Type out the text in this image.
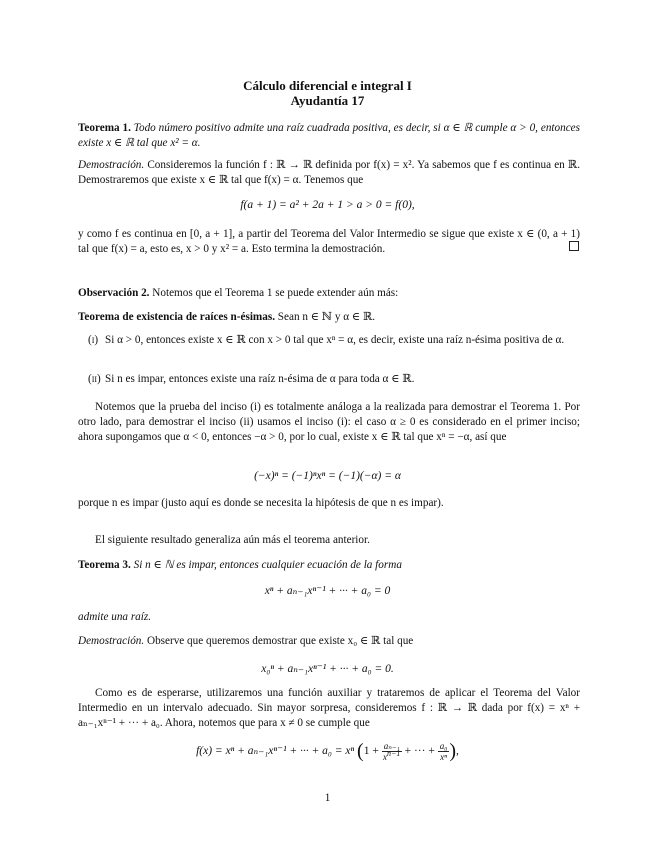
Cálculo diferencial e integral I
Ayudantía 17
Teorema 1. Todo número positivo admite una raíz cuadrada positiva, es decir, si α ∈ ℝ cumple α > 0, entonces existe x ∈ ℝ tal que x² = α.
Demostración. Consideremos la función f : ℝ → ℝ definida por f(x) = x². Ya sabemos que f es continua en ℝ. Demostraremos que existe x ∈ ℝ tal que f(x) = α. Tenemos que
f(a + 1) = a² + 2a + 1 > a > 0 = f(0),
y como f es continua en [0, a + 1], a partir del Teorema del Valor Intermedio se sigue que existe x ∈ (0, a + 1) tal que f(x) = a, esto es, x > 0 y x² = a. Esto termina la demostración.
Observación 2. Notemos que el Teorema 1 se puede extender aún más:
Teorema de existencia de raíces n-ésimas. Sean n ∈ ℕ y α ∈ ℝ.
(i) Si α > 0, entonces existe x ∈ ℝ con x > 0 tal que xⁿ = α, es decir, existe una raíz n-ésima positiva de α.
(ii) Si n es impar, entonces existe una raíz n-ésima de α para toda α ∈ ℝ.
Notemos que la prueba del inciso (i) es totalmente análoga a la realizada para demostrar el Teorema 1. Por otro lado, para demostrar el inciso (ii) usamos el inciso (i): el caso α ≥ 0 es considerado en el primer inciso; ahora supongamos que α < 0, entonces −α > 0, por lo cual, existe x ∈ ℝ tal que xⁿ = −α, así que
(−x)ⁿ = (−1)ⁿxⁿ = (−1)(−α) = α
porque n es impar (justo aquí es donde se necesita la hipótesis de que n es impar).
El siguiente resultado generaliza aún más el teorema anterior.
Teorema 3. Si n ∈ ℕ es impar, entonces cualquier ecuación de la forma
xⁿ + aₙ₋₁xⁿ⁻¹ + ··· + a₀ = 0
admite una raíz.
Demostración. Observe que queremos demostrar que existe x₀ ∈ ℝ tal que
x₀ⁿ + aₙ₋₁xⁿ⁻¹ + ··· + a₀ = 0.
Como es de esperarse, utilizaremos una función auxiliar y trataremos de aplicar el Teorema del Valor Intermedio en un intervalo adecuado. Sin mayor sorpresa, consideremos f : ℝ → ℝ dada por f(x) = xⁿ + aₙ₋₁xⁿ⁻¹ + ··· + a₀. Ahora, notemos que para x ≠ 0 se cumple que
f(x) = xⁿ + aₙ₋₁xⁿ⁻¹ + ··· + a₀ = xⁿ ($1 + \frac{\text{aₙ₋₁}}{x^{n-1}}$ + ··· + $\frac{\text{a₀}}{\text{xⁿ}}$ ),
1
